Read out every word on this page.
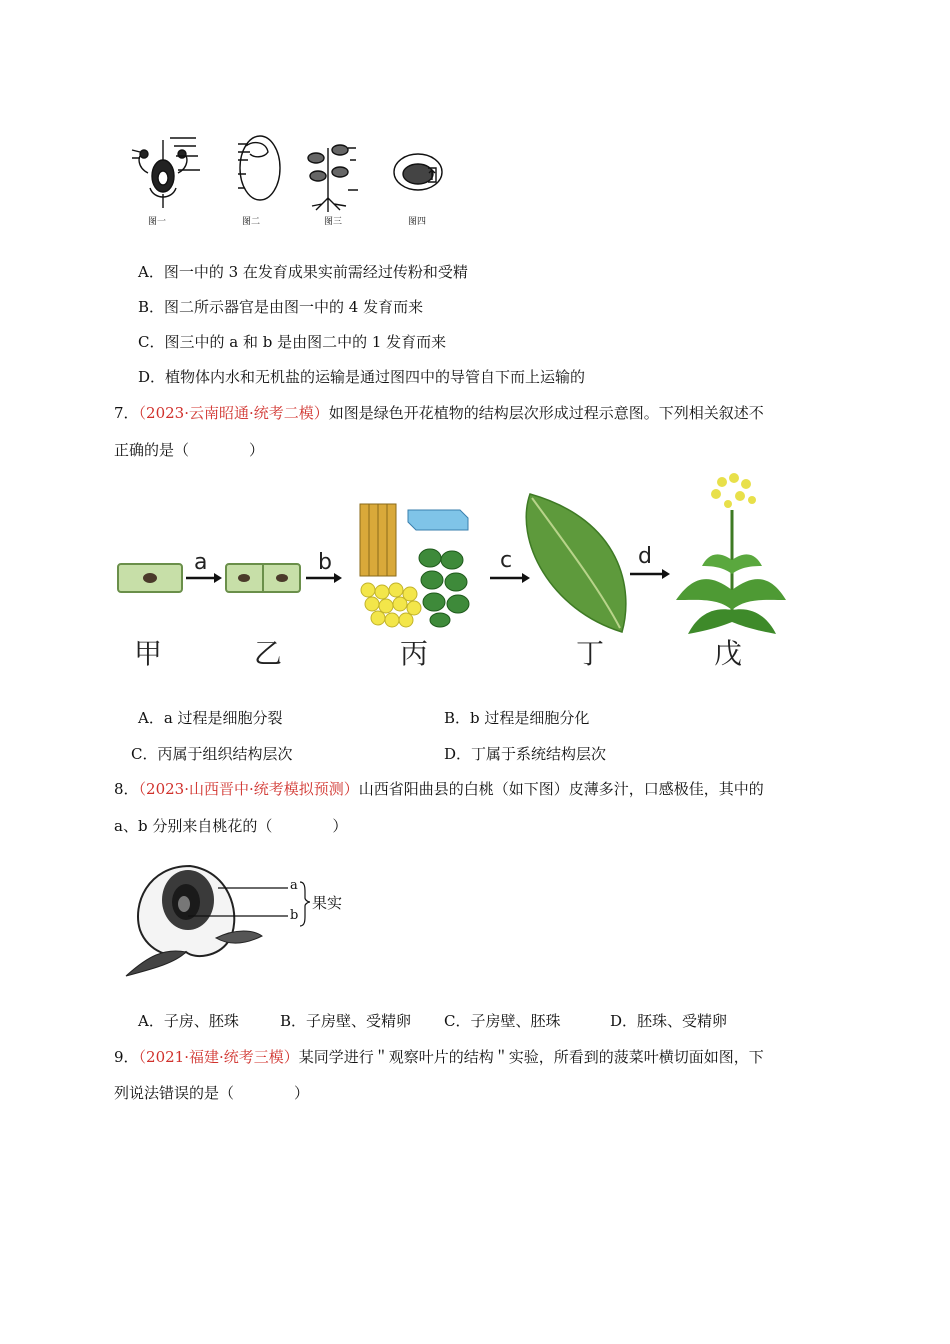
图一	图二	图三	图四
A．图一中的 3 在发育成果实前需经过传粉和受精
B．图二所示器官是由图一中的 4 发育而来
C．图三中的 a 和 b 是由图二中的 1 发育而来
D．植物体内水和无机盐的运输是通过图四中的导管自下而上运输的
7．（2023·云南昭通·统考二模）如图是绿色开花植物的结构层次形成过程示意图。下列相关叙述不
正确的是（　　　　）
a	b	c	d
甲	乙	丙	丁	戊
A．a 过程是细胞分裂	B．b 过程是细胞分化
C．丙属于组织结构层次	D．丁属于系统结构层次
8．（2023·山西晋中·统考模拟预测）山西省阳曲县的白桃（如下图）皮薄多汁，口感极佳，其中的
a、b 分别来自桃花的（　　　　）
a
b
果实
A．子房、胚珠	B．子房壁、受精卵 C．子房壁、胚珠	D．胚珠、受精卵
9．（2021·福建·统考三模）某同学进行＂观察叶片的结构＂实验，所看到的菠菜叶横切面如图，下
列说法错误的是（　　　　）
